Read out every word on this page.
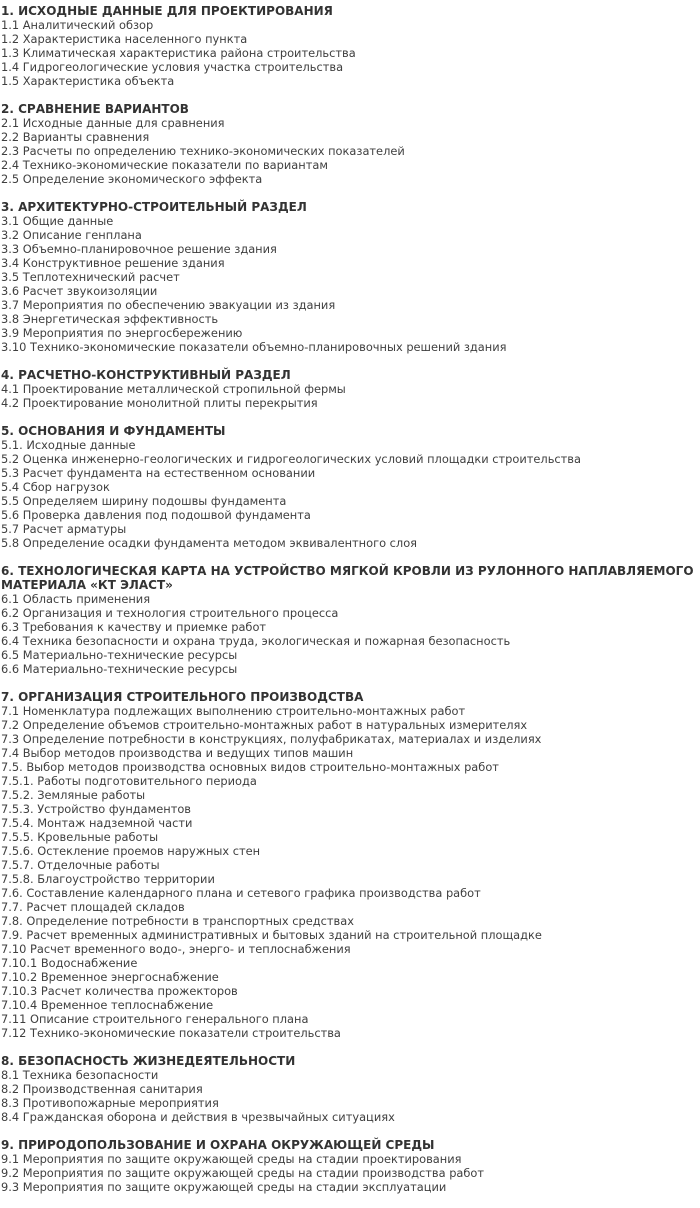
1. ИСХОДНЫЕ ДАННЫЕ ДЛЯ ПРОЕКТИРОВАНИЯ
1.1 Аналитический обзор
1.2 Характеристика населенного пункта
1.3 Климатическая характеристика района строительства
1.4 Гидрогеологические условия участка строительства
1.5 Характеристика объекта
2. СРАВНЕНИЕ ВАРИАНТОВ
2.1 Исходные данные для сравнения
2.2 Варианты сравнения
2.3 Расчеты по определению технико-экономических показателей
2.4 Технико-экономические показатели по вариантам
2.5 Определение экономического эффекта
3. АРХИТЕКТУРНО-СТРОИТЕЛЬНЫЙ РАЗДЕЛ
3.1 Общие данные
3.2 Описание генплана
3.3 Объемно-планировочное решение здания
3.4 Конструктивное решение здания
3.5 Теплотехнический расчет
3.6 Расчет звукоизоляции
3.7 Мероприятия по обеспечению эвакуации из здания
3.8 Энергетическая эффективность
3.9 Мероприятия по энергосбережению
3.10 Технико-экономические показатели объемно-планировочных решений здания
4. РАСЧЕТНО-КОНСТРУКТИВНЫЙ РАЗДЕЛ
4.1 Проектирование металлической стропильной фермы
4.2 Проектирование монолитной плиты перекрытия
5. ОСНОВАНИЯ И ФУНДАМЕНТЫ
5.1. Исходные данные
5.2 Оценка инженерно-геологических и гидрогеологических условий площадки строительства
5.3 Расчет фундамента на естественном основании
5.4 Сбор нагрузок
5.5 Определяем ширину подошвы фундамента
5.6 Проверка давления под подошвой фундамента
5.7 Расчет арматуры
5.8 Определение осадки фундамента методом эквивалентного слоя
6. ТЕХНОЛОГИЧЕСКАЯ КАРТА НА УСТРОЙСТВО МЯГКОЙ КРОВЛИ ИЗ РУЛОННОГО НАПЛАВЛЯЕМОГО МАТЕРИАЛА «КТ ЭЛАСТ»
6.1 Область применения
6.2 Организация и технология строительного процесса
6.3 Требования к качеству и приемке работ
6.4 Техника безопасности и охрана труда, экологическая и пожарная безопасность
6.5 Материально-технические ресурсы
6.6 Материально-технические ресурсы
7. ОРГАНИЗАЦИЯ СТРОИТЕЛЬНОГО ПРОИЗВОДСТВА
7.1 Номенклатура подлежащих выполнению строительно-монтажных работ
7.2 Определение объемов строительно-монтажных работ в натуральных измерителях
7.3 Определение потребности в конструкциях, полуфабрикатах, материалах и изделиях
7.4 Выбор методов производства и ведущих типов машин
7.5. Выбор методов производства основных видов строительно-монтажных работ
7.5.1. Работы подготовительного периода
7.5.2. Земляные работы
7.5.3. Устройство фундаментов
7.5.4. Монтаж надземной части
7.5.5. Кровельные работы
7.5.6. Остекление проемов наружных стен
7.5.7. Отделочные работы
7.5.8. Благоустройство территории
7.6. Составление календарного плана и сетевого графика производства работ
7.7. Расчет площадей складов
7.8. Определение потребности в транспортных средствах
7.9. Расчет временных административных и бытовых зданий на строительной площадке
7.10 Расчет временного водо-, энерго- и теплоснабжения
7.10.1 Водоснабжение
7.10.2 Временное энергоснабжение
7.10.3 Расчет количества прожекторов
7.10.4 Временное теплоснабжение
7.11 Описание строительного генерального плана
7.12 Технико-экономические показатели строительства
8. БЕЗОПАСНОСТЬ ЖИЗНЕДЕЯТЕЛЬНОСТИ
8.1 Техника безопасности
8.2 Производственная санитария
8.3 Противопожарные мероприятия
8.4 Гражданская оборона и действия в чрезвычайных ситуациях
9. ПРИРОДОПОЛЬЗОВАНИЕ И ОХРАНА ОКРУЖАЮЩЕЙ СРЕДЫ
9.1 Мероприятия по защите окружающей среды на стадии проектирования
9.2 Мероприятия по защите окружающей среды на стадии производства работ
9.3 Мероприятия по защите окружающей среды на стадии эксплуатации
